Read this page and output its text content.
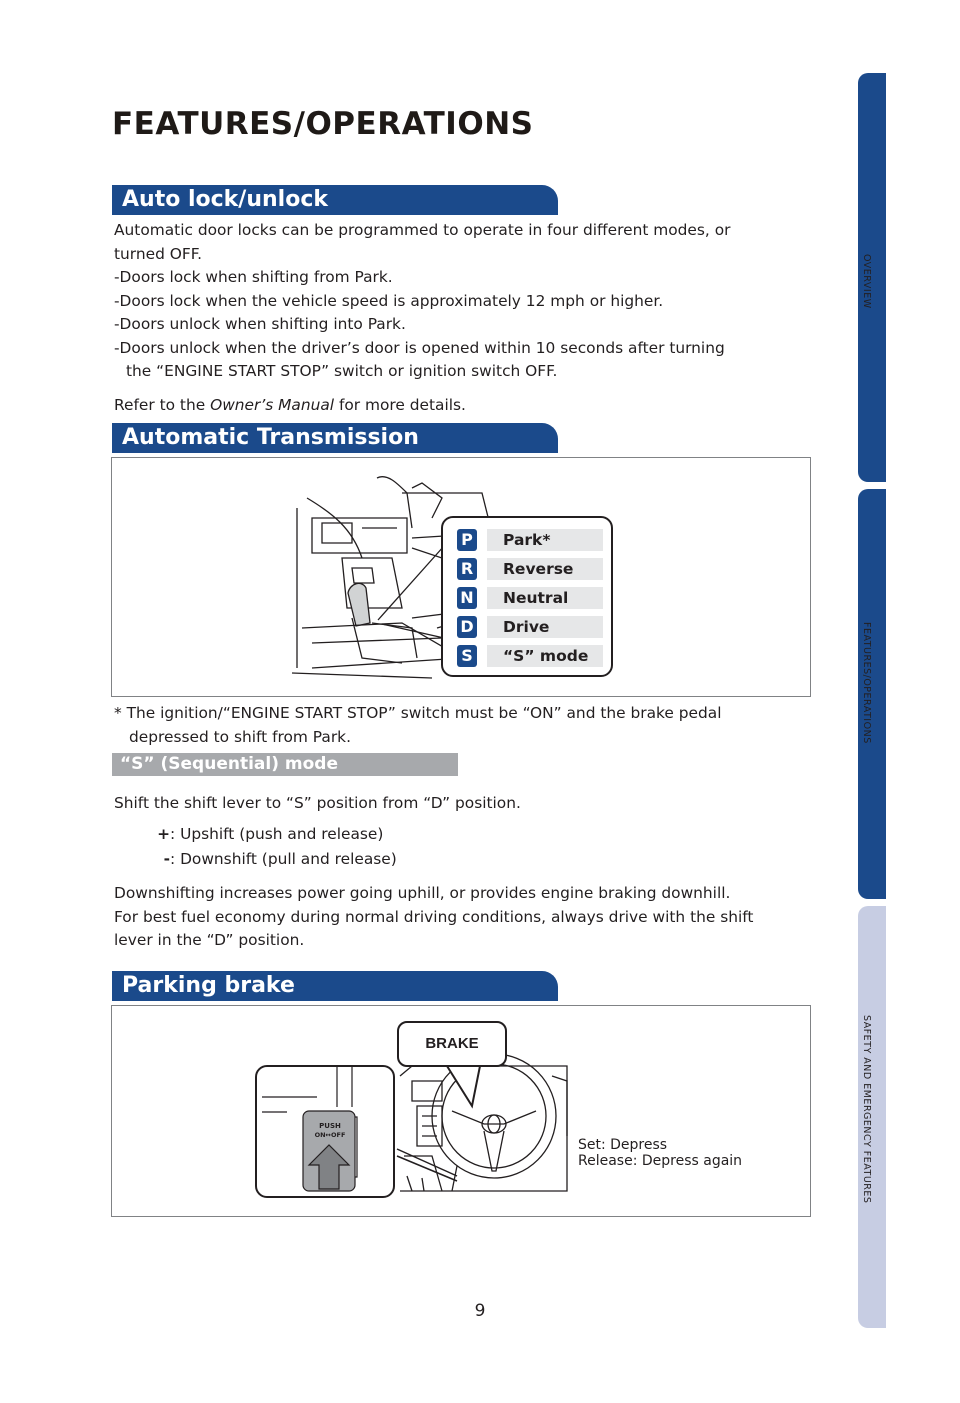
OVERVIEW
FEATURES/OPERATIONS
SAFETY AND EMERGENCY FEATURES
FEATURES/OPERATIONS
Auto lock/unlock

Automatic door locks can be programmed to operate in four different modes, or

turned OFF.

-Doors lock when shifting from Park.

-Doors lock when the vehicle speed is approximately 12 mph or higher.

-Doors unlock when shifting into Park.

-Doors unlock when the driver’s door is opened within 10 seconds after turning

the “ENGINE START STOP” switch or ignition switch OFF.

Refer to the Owner’s Manual for more details.

Automatic Transmission
P	Park*
R	Reverse
N	Neutral
D	Drive
S	“S” mode

* The ignition/“ENGINE START STOP” switch must be “ON” and the brake pedal

depressed to shift from Park.

“S” (Sequential) mode
Shift the shift lever to “S” position from “D” position.
+: Upshift (push and release)
-: Downshift (pull and release)

Downshifting increases power going uphill, or provides engine braking downhill.

For best fuel economy during normal driving conditions, always drive with the shift

lever in the “D” position.

Parking brake
PUSH
ON↔OFF
BRAKE
Set: Depress
Release: Depress again
9
